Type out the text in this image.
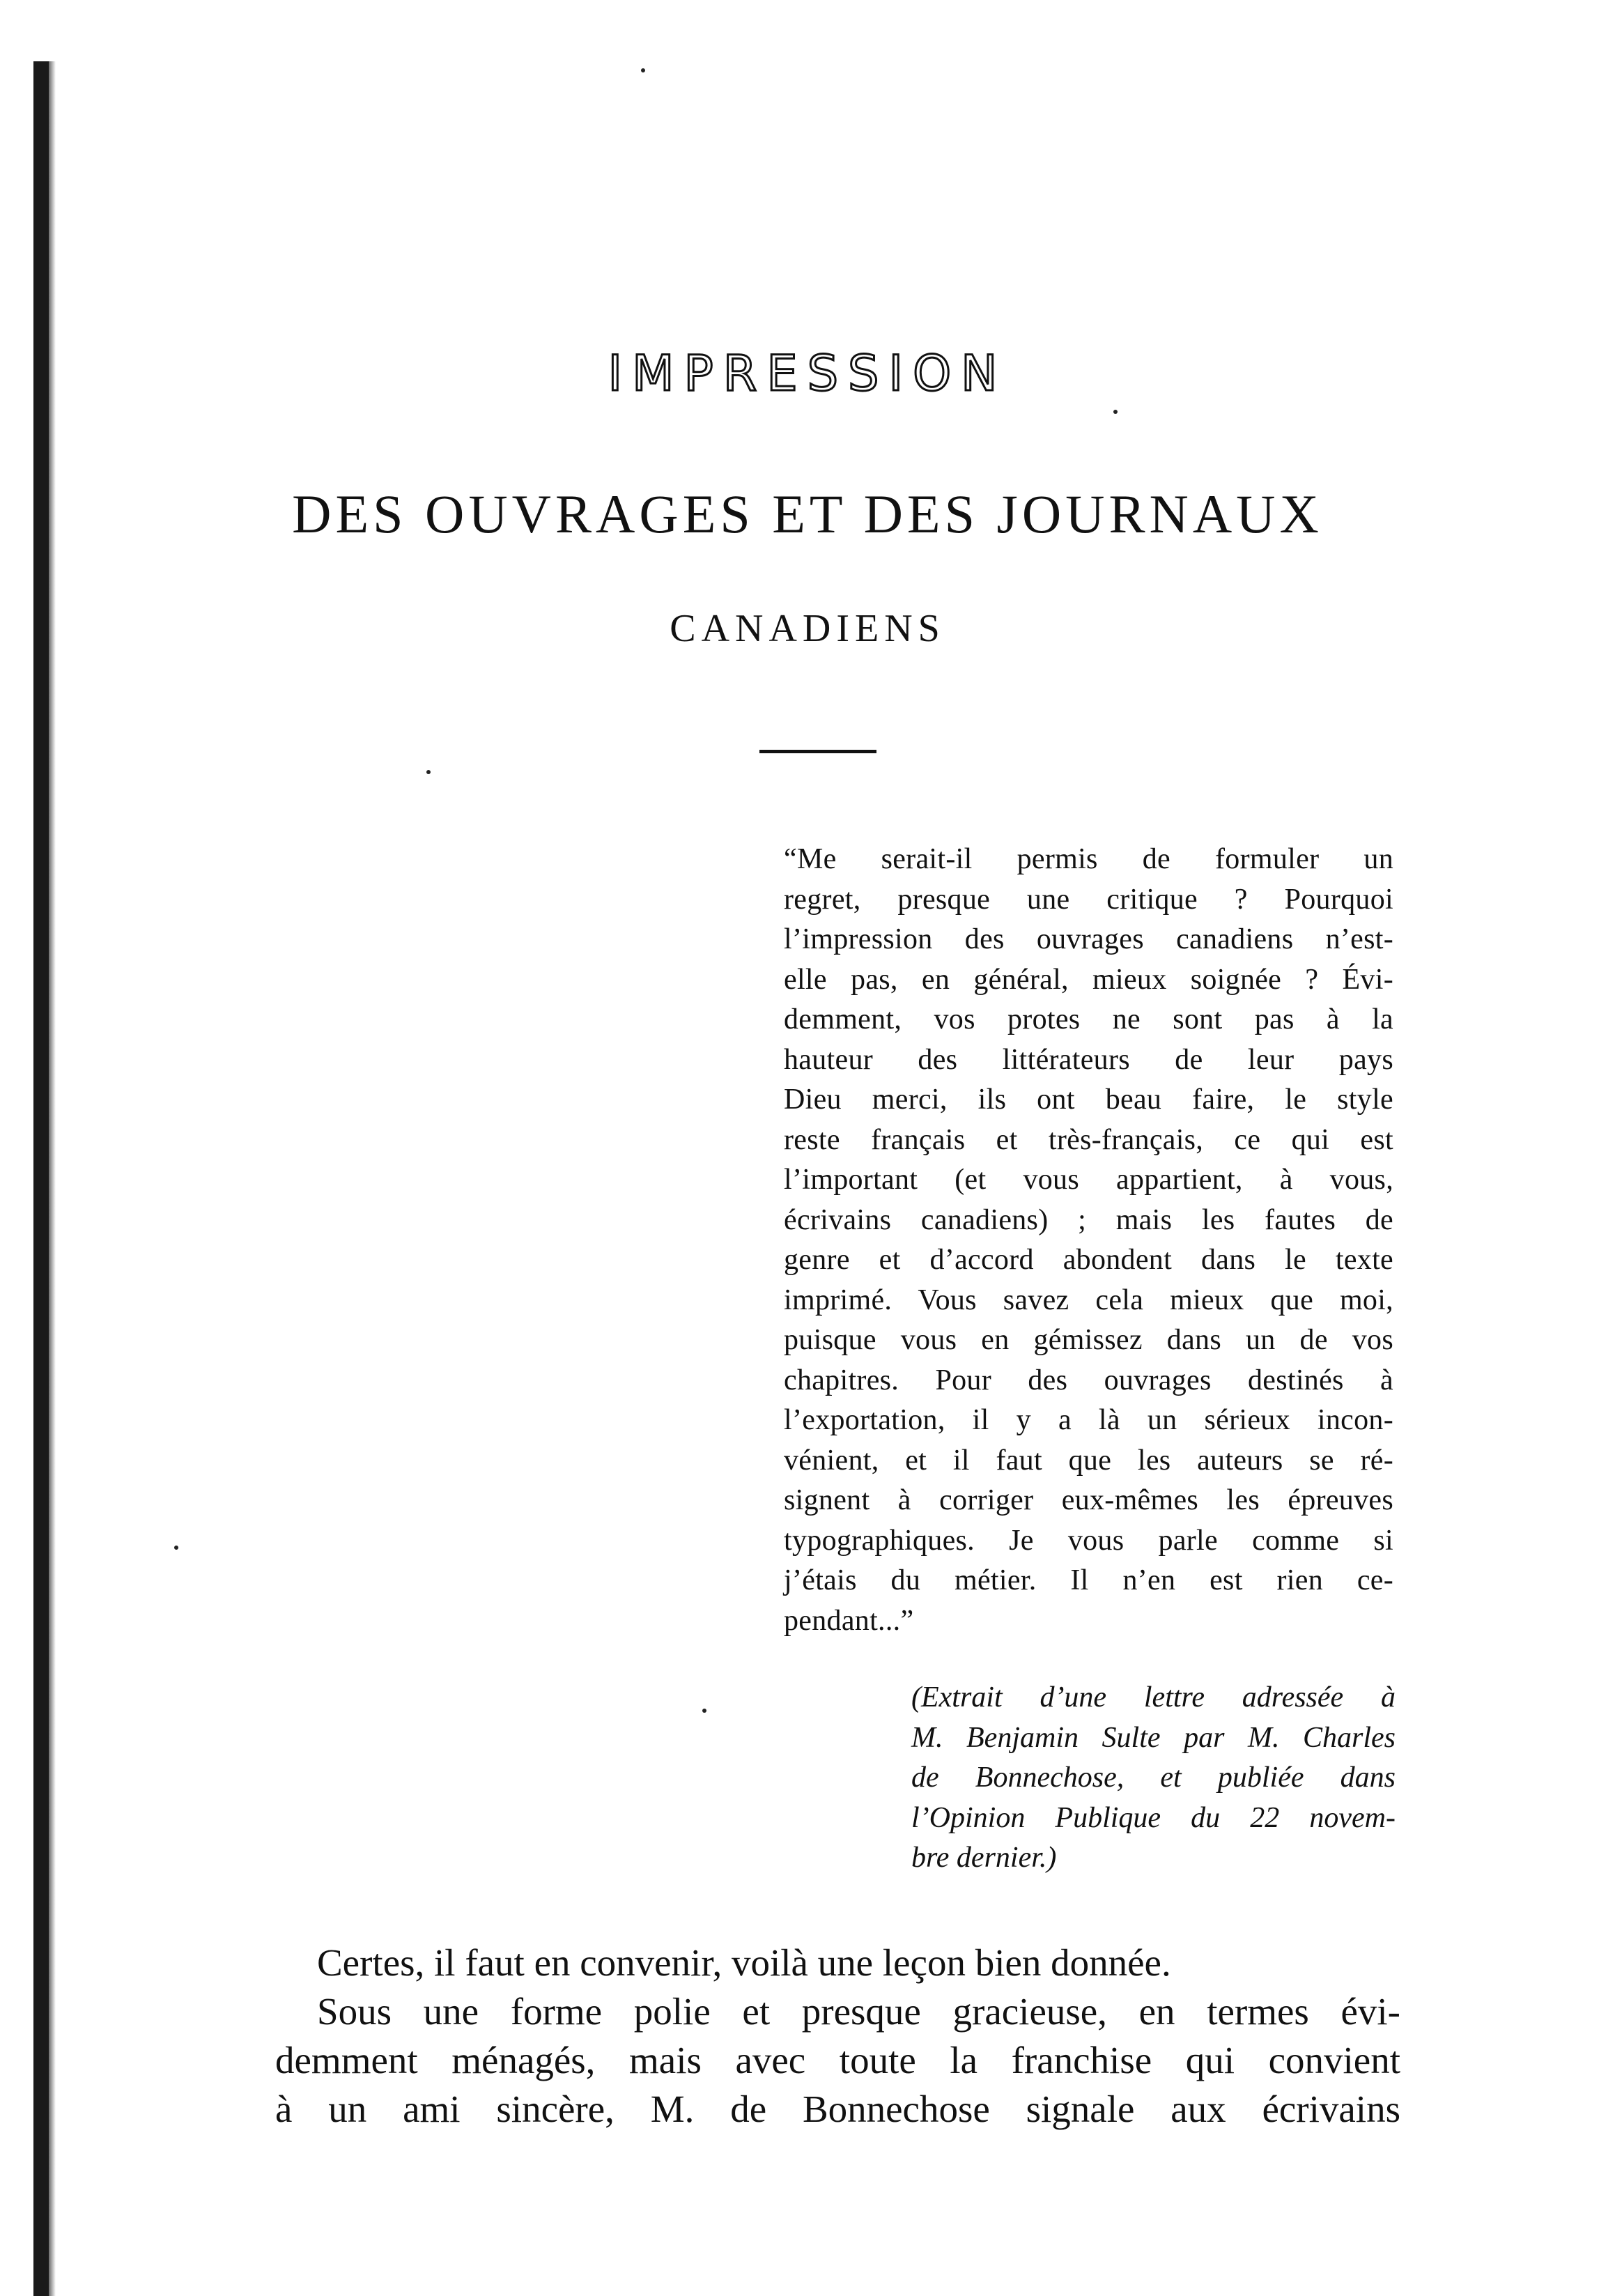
IMPRESSION
DES OUVRAGES ET DES JOURNAUX
CANADIENS
“Me serait-il permis de formuler un
regret, presque une critique ? Pourquoi
l’impression des ouvrages canadiens n’est-
elle pas, en général, mieux soignée ? Évi-
demment, vos protes ne sont pas à la
hauteur des littérateurs de leur pays
Dieu merci, ils ont beau faire, le style
reste français et très-français, ce qui est
l’important (et vous appartient, à vous,
écrivains canadiens) ; mais les fautes de
genre et d’accord abondent dans le texte
imprimé. Vous savez cela mieux que moi,
puisque vous en gémissez dans un de vos
chapitres. Pour des ouvrages destinés à
l’exportation, il y a là un sérieux incon-
vénient, et il faut que les auteurs se ré-
signent à corriger eux-mêmes les épreuves
typographiques. Je vous parle comme si
j’étais du métier. Il n’en est rien ce-
pendant...”
(Extrait d’une lettre adressée à
M. Benjamin Sulte par M. Charles
de Bonnechose, et publiée dans
l’Opinion Publique du 22 novem-
bre dernier.)
Certes, il faut en convenir, voilà une leçon bien donnée.
Sous une forme polie et presque gracieuse, en termes évi-
demment ménagés, mais avec toute la franchise qui convient
à un ami sincère, M. de Bonnechose signale aux écrivains
